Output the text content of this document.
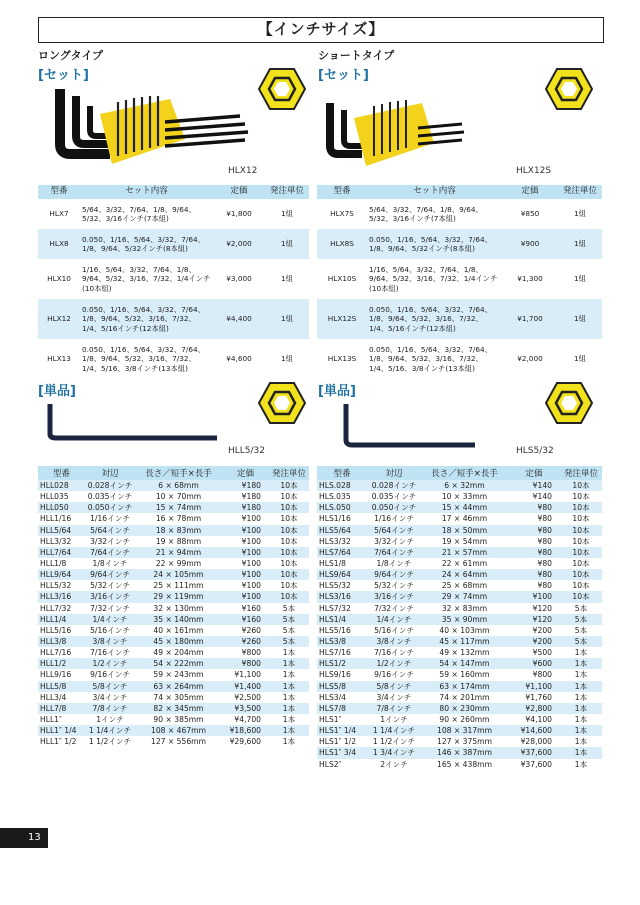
【インチサイズ】
ロングタイプ
[セット]
HLX12
型番	セット内容	定価	発注単位
HLX7	5/64、3/32、7/64、1/8、9/64、5/32、3/16インチ(7本組)	¥1,800	1組
HLX8	0.050、1/16、5/64、3/32、7/64、1/8、9/64、5/32インチ(8本組)	¥2,000	1組
HLX10	1/16、5/64、3/32、7/64、1/8、9/64、5/32、3/16、7/32、1/4インチ(10本組)	¥3,000	1組
HLX12	0.050、1/16、5/64、3/32、7/64、1/8、9/64、5/32、3/16、7/32、1/4、5/16インチ(12本組)	¥4,400	1組
HLX13	0.050、1/16、5/64、3/32、7/64、1/8、9/64、5/32、3/16、7/32、1/4、5/16、3/8インチ(13本組)	¥4,600	1組
[単品]
HLL5/32
型番	対辺	長さ／短手×長手	定価	発注単位
HLL028	0.028インチ	6 × 68mm	¥180	10本
HLL035	0.035インチ	10 × 70mm	¥180	10本
HLL050	0.050インチ	15 × 74mm	¥180	10本
HLL1/16	1/16インチ	16 × 78mm	¥100	10本
HLL5/64	5/64インチ	18 × 83mm	¥100	10本
HLL3/32	3/32インチ	19 × 88mm	¥100	10本
HLL7/64	7/64インチ	21 × 94mm	¥100	10本
HLL1/8	1/8インチ	22 × 99mm	¥100	10本
HLL9/64	9/64インチ	24 × 105mm	¥100	10本
HLL5/32	5/32インチ	25 × 111mm	¥100	10本
HLL3/16	3/16インチ	29 × 119mm	¥100	10本
HLL7/32	7/32インチ	32 × 130mm	¥160	5本
HLL1/4	1/4インチ	35 × 140mm	¥160	5本
HLL5/16	5/16インチ	40 × 161mm	¥260	5本
HLL3/8	3/8インチ	45 × 180mm	¥260	5本
HLL7/16	7/16インチ	49 × 204mm	¥800	1本
HLL1/2	1/2インチ	54 × 222mm	¥800	1本
HLL9/16	9/16インチ	59 × 243mm	¥1,100	1本
HLL5/8	5/8インチ	63 × 264mm	¥1,400	1本
HLL3/4	3/4インチ	74 × 305mm	¥2,500	1本
HLL7/8	7/8インチ	82 × 345mm	¥3,500	1本
HLL1″	1インチ	90 × 385mm	¥4,700	1本
HLL1″ 1/4	1 1/4インチ	108 × 467mm	¥18,600	1本
HLL1″ 1/2	1 1/2インチ	127 × 556mm	¥29,600	1本
ショートタイプ
[セット]
HLX12S
型番	セット内容	定価	発注単位
HLX7S	5/64、3/32、7/64、1/8、9/64、5/32、3/16インチ(7本組)	¥850	1組
HLX8S	0.050、1/16、5/64、3/32、7/64、1/8、9/64、5/32インチ(8本組)	¥900	1組
HLX10S	1/16、5/64、3/32、7/64、1/8、9/64、5/32、3/16、7/32、1/4インチ(10本組)	¥1,300	1組
HLX12S	0.050、1/16、5/64、3/32、7/64、1/8、9/64、5/32、3/16、7/32、1/4、5/16インチ(12本組)	¥1,700	1組
HLX13S	0.050、1/16、5/64、3/32、7/64、1/8、9/64、5/32、3/16、7/32、1/4、5/16、3/8インチ(13本組)	¥2,000	1組
[単品]
HLS5/32
型番	対辺	長さ／短手×長手	定価	発注単位
HLS.028	0.028インチ	6 × 32mm	¥140	10本
HLS.035	0.035インチ	10 × 33mm	¥140	10本
HLS.050	0.050インチ	15 × 44mm	¥80	10本
HLS1/16	1/16インチ	17 × 46mm	¥80	10本
HLS5/64	5/64インチ	18 × 50mm	¥80	10本
HLS3/32	3/32インチ	19 × 54mm	¥80	10本
HLS7/64	7/64インチ	21 × 57mm	¥80	10本
HLS1/8	1/8インチ	22 × 61mm	¥80	10本
HLS9/64	9/64インチ	24 × 64mm	¥80	10本
HLS5/32	5/32インチ	25 × 68mm	¥80	10本
HLS3/16	3/16インチ	29 × 74mm	¥100	10本
HLS7/32	7/32インチ	32 × 83mm	¥120	5本
HLS1/4	1/4インチ	35 × 90mm	¥120	5本
HLS5/16	5/16インチ	40 × 103mm	¥200	5本
HLS3/8	3/8インチ	45 × 117mm	¥200	5本
HLS7/16	7/16インチ	49 × 132mm	¥500	1本
HLS1/2	1/2インチ	54 × 147mm	¥600	1本
HLS9/16	9/16インチ	59 × 160mm	¥800	1本
HLS5/8	5/8インチ	63 × 174mm	¥1,100	1本
HLS3/4	3/4インチ	74 × 201mm	¥1,760	1本
HLS7/8	7/8インチ	80 × 230mm	¥2,800	1本
HLS1″	1インチ	90 × 260mm	¥4,100	1本
HLS1″ 1/4	1 1/4インチ	108 × 317mm	¥14,600	1本
HLS1″ 1/2	1 1/2インチ	127 × 375mm	¥28,000	1本
HLS1″ 3/4	1 3/4インチ	146 × 387mm	¥37,600	1本
HLS2″	2インチ	165 × 438mm	¥37,600	1本
13
